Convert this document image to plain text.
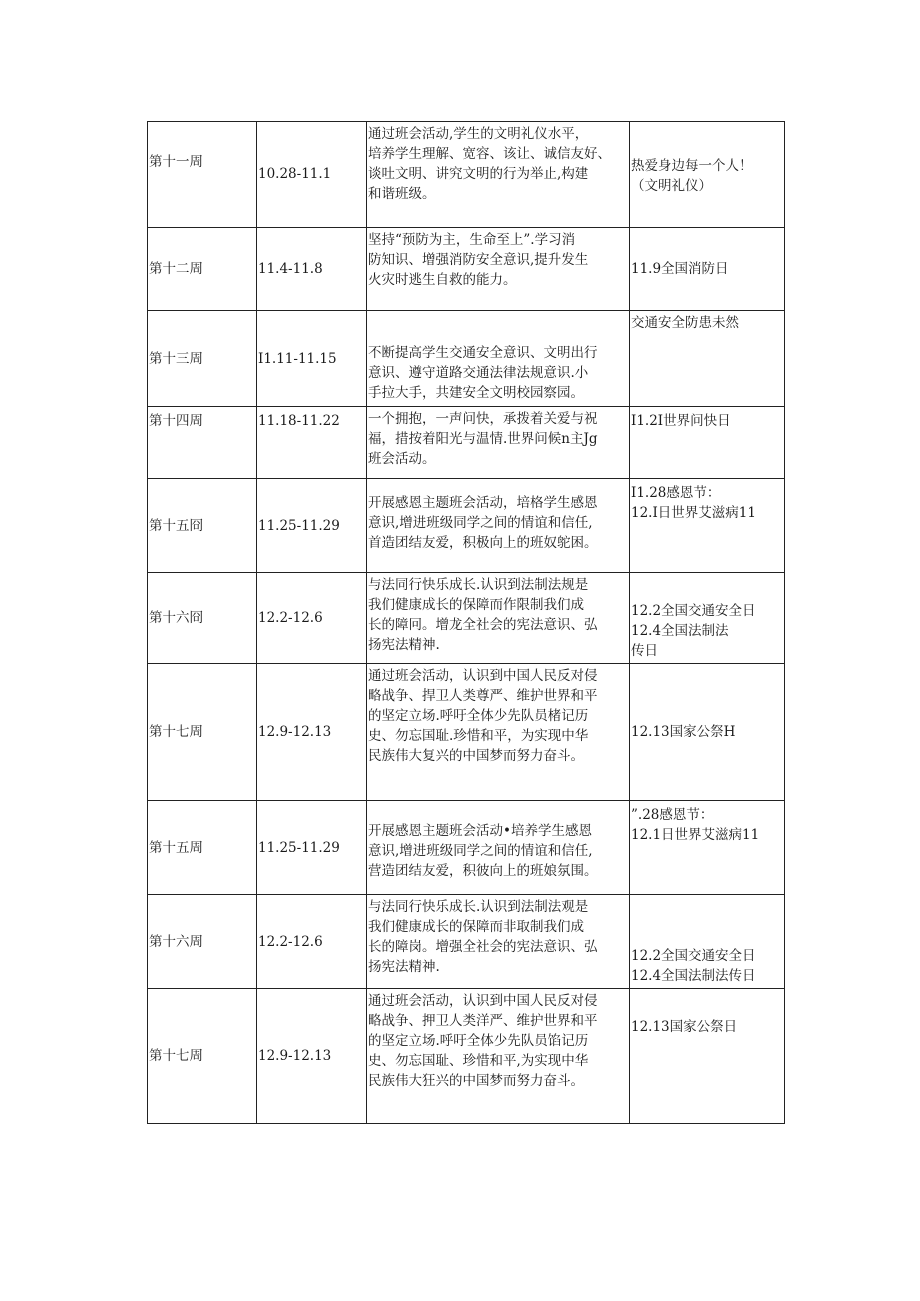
第十一周	10.28-11.1	通过班会活动,学生的文明礼仪水平，
培养学生理解、宽容、该让、诚信友好、
谈吐文明、讲究文明的行为举止,构建
和谐班级。	热爱身边每一个人！
（文明礼仪）

第十二周	11.4-11.8	坚持“预防为主，生命至上”.学习消
防知识、增强消防安全意识,提升发生
火灾时逃生自救的能力。	11.9全国消防日

第十三周	I1.11-11.15	不断提高学生交通安全意识、文明出行
意识、遵守道路交通法律法规意识.小
手拉大手，共建安全文明校园察园。	交通安全防患未然

第十四周	11.18-11.22	一个拥抱，一声问快，承拨着关爱与祝
福，措按着阳光与温情.世界问候n主Jg
班会活动。	I1.2I世界问快日

第十五冏	11.25-11.29	开展感恩主题班会活动，培格学生感恩
意识,增进班级同学之间的情谊和信任,
首造团结友爱，积极向上的班奴鸵困。	I1.28感恩节：
12.I日世界艾滋病11

第十六冏	12.2-12.6	与法同行快乐成长.认识到法制法规是
我们健康成长的保障而作限制我们成
长的障冋。增龙全社会的宪法意识、弘
扬宪法精神.	12.2全国交通安全日
12.4全国法制法
传日

第十七周	12.9-12.13	通过班会活动，认识到中国人民反对侵
略战争、捍卫人类尊严、维护世界和平
的坚定立场.呼吁全体少先队员楮记历
史、勿忘国耻.珍惜和平，为实现中华
民族伟大复兴的中国梦而努力奋斗。	12.13国家公祭H

第十五周	11.25-11.29	开展感恩主题班会活动•培养学生感恩
意识,增进班级同学之间的情谊和信任,
营造团结友爱，积彼向上的班娘氛围。	”.28感恩节：
12.1日世界艾滋病11

第十六周	12.2-12.6	与法同行快乐成长.认识到法制法观是
我们健康成长的保障而非取制我们成
长的障岗。增强全社会的宪法意识、弘
扬宪法精神.	12.2全国交通安全日
12.4全国法制法传日

第十七周	12.9-12.13	通过班会活动，认识到中国人民反对侵
略战争、押卫人类洋严、维护世界和平
的坚定立场.呼吁全体少先队员馅记历
史、勿忘国耻、珍惜和平,为实现中华
民族伟大狂兴的中国梦而努力奋斗。	12.13国家公祭日
